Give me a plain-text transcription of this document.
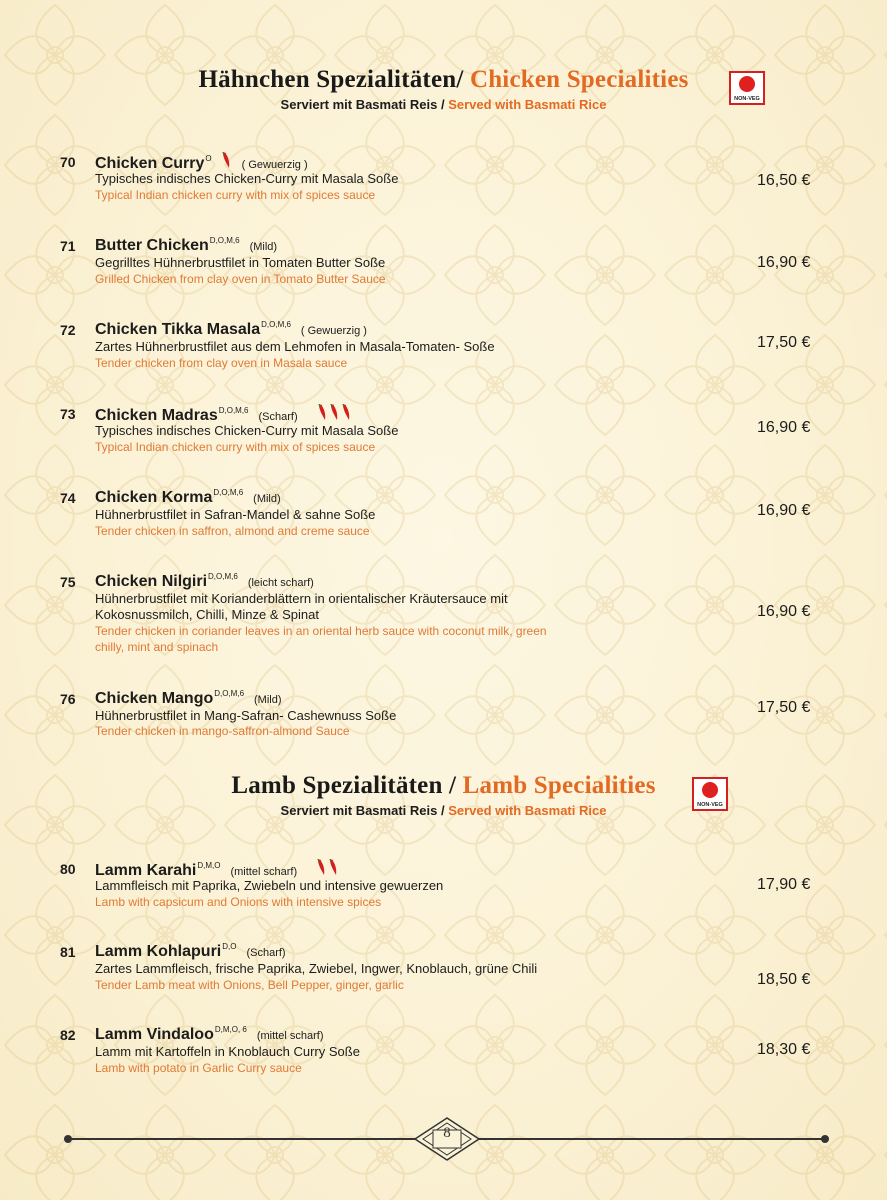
Hähnchen Spezialitäten/ Chicken Specialities
Serviert mit Basmati Reis / Served with Basmati Rice	NON-VEG
Lamb Spezialitäten / Lamb Specialities
Serviert mit Basmati Reis / Served with Basmati Rice	NON-VEG
70 Chicken Curry$^O$( Gewuerzig )
Typisches indisches Chicken-Curry mit Masala Soße
Typical Indian chicken curry with mix of spices sauce
16,50 €
71 Butter Chicken$^{D,O,M,6}$(Mild)
Gegrilltes Hühnerbrustfilet in Tomaten Butter Soße
Grilled Chicken from clay oven in Tomato Butter Sauce
16,90 €
72 Chicken Tikka Masala$^{D,O,M,6}$( Gewuerzig )
Zartes Hühnerbrustfilet aus dem Lehmofen in Masala-Tomaten- Soße
Tender chicken from clay oven in Masala sauce
17,50 €
73 Chicken Madras$^{D,O,M,6}$(Scharf)
Typisches indisches Chicken-Curry mit Masala Soße
Typical Indian chicken curry with mix of spices sauce
16,90 €
74 Chicken Korma$^{D,O,M,6}$(Mild)
Hühnerbrustfilet in Safran-Mandel & sahne Soße
Tender chicken in saffron, almond and creme sauce
16,90 €
75 Chicken Nilgiri$^{D,O,M,6}$(leicht scharf)
Hühnerbrustfilet mit Korianderblättern in orientalischer Kräutersauce mit Kokosnussmilch, Chilli, Minze & Spinat
Tender chicken in coriander leaves in an oriental herb sauce with coconut milk, green chilly, mint and spinach
16,90 €
76 Chicken Mango$^{D,O,M,6}$(Mild)
Hühnerbrustfilet in Mang-Safran- Cashewnuss Soße
Tender chicken in mango-saffron-almond Sauce
17,50 €
80 Lamm Karahi$^{D,M,O}$(mittel scharf)
Lammfleisch mit Paprika, Zwiebeln und intensive gewuerzen
Lamb with capsicum and Onions with intensive spices
17,90 €
81 Lamm Kohlapuri$^{D,O}$(Scharf)
Zartes Lammfleisch, frische Paprika, Zwiebel, Ingwer, Knoblauch, grüne Chili
Tender Lamb meat with Onions, Bell Pepper, ginger, garlic	18,50 €
82 Lamm Vindaloo$^{D,M,O, 6}$(mittel scharf)
Lamm mit Kartoffeln in Knoblauch Curry Soße
Lamb with potato in Garlic Curry sauce
18,30 €
8
